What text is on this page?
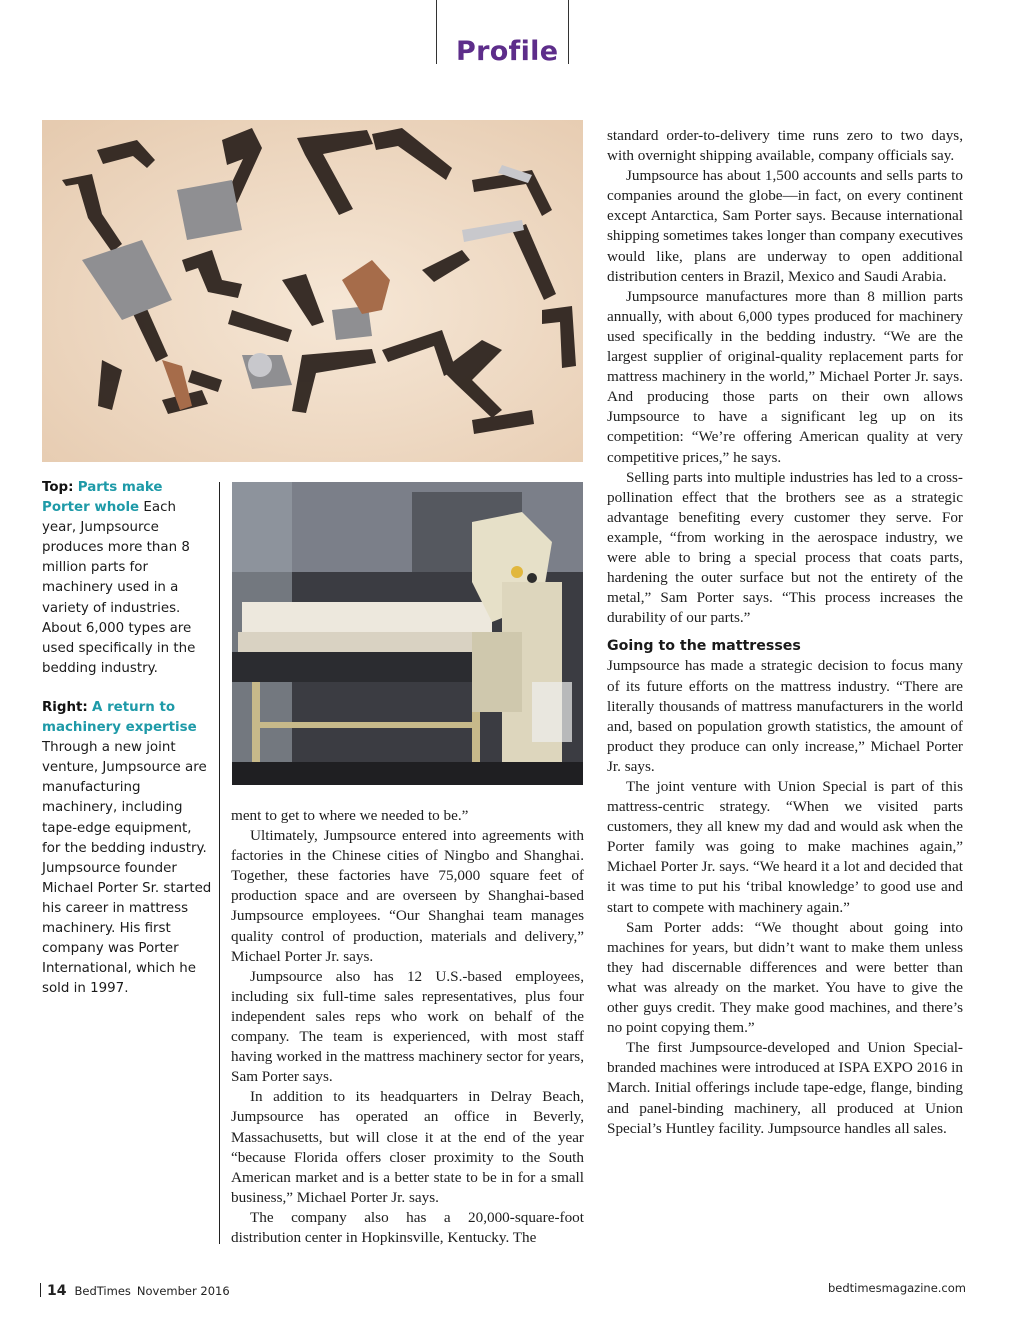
Profile
Top: Parts make Porter whole Each year, Jumpsource produces more than 8 million parts for machinery used in a variety of industries. About 6,000 types are used specifically in the bedding industry.
Right: A return to machinery expertise Through a new joint venture, Jumpsource are manufacturing machinery, including tape-edge equipment, for the bedding industry. Jumpsource founder Michael Porter Sr. started his career in mattress machinery. His first company was Porter International, which he sold in 1997.

ment to get to where we needed to be.”

Ultimately, Jumpsource entered into agreements with factories in the Chinese cities of Ningbo and Shanghai. Together, these factories have 75,000 square feet of production space and are overseen by Shanghai-based Jumpsource employees. “Our Shanghai team manages quality control of production, materials and delivery,” Michael Porter Jr. says.

Jumpsource also has 12 U.S.-based employees, including six full-time sales representatives, plus four independent sales reps who work on behalf of the company. The team is experienced, with most staff having worked in the mattress machinery sector for years, Sam Porter says.

In addition to its headquarters in Delray Beach, Jumpsource has operated an office in Beverly, Massachusetts, but will close it at the end of the year “because Florida offers closer proximity to the South American market and is a better state to be in for a small business,” Michael Porter Jr. says.

The company also has a 20,000-square-foot distribution center in Hopkinsville, Kentucky. The

standard order-to-delivery time runs zero to two days, with overnight shipping available, company officials say.

Jumpsource has about 1,500 accounts and sells parts to companies around the globe—in fact, on every continent except Antarctica, Sam Porter says. Because international shipping sometimes takes longer than company executives would like, plans are underway to open additional distribution centers in Brazil, Mexico and Saudi Arabia.

Jumpsource manufactures more than 8 million parts annually, with about 6,000 types produced for machinery used specifically in the bedding industry. “We are the largest supplier of original-quality replacement parts for mattress machinery in the world,” Michael Porter Jr. says. And producing those parts on their own allows Jumpsource to have a significant leg up on its competition: “We’re offering American quality at very competitive prices,” he says.

Selling parts into multiple industries has led to a cross-pollination effect that the brothers see as a strategic advantage benefiting every customer they serve. For example, “from working in the aerospace industry, we were able to bring a special process that coats parts, hardening the outer surface but not the entirety of the metal,” Sam Porter says. “This process increases the durability of our parts.”

Going to the mattresses

Jumpsource has made a strategic decision to focus many of its future efforts on the mattress industry. “There are literally thousands of mattress manufacturers in the world and, based on population growth statistics, the amount of product they produce can only increase,” Michael Porter Jr. says.

The joint venture with Union Special is part of this mattress-centric strategy. “When we visited parts customers, they all knew my dad and would ask when the Porter family was going to make machines again,” Michael Porter Jr. says. “We heard it a lot and decided that it was time to put his ‘tribal knowledge’ to good use and start to compete with machinery again.”

Sam Porter adds: “We thought about going into machines for years, but didn’t want to make them unless they had discernable differences and were better than what was already on the market. You have to give the other guys credit. They make good machines, and there’s no point copying them.”

The first Jumpsource-developed and Union Special-branded machines were introduced at ISPA EXPO 2016 in March. Initial offerings include tape-edge, flange, binding and panel-binding machinery, all produced at Union Special’s Huntley facility. Jumpsource handles all sales.

14 BedTimes November 2016	bedtimesmagazine.com
